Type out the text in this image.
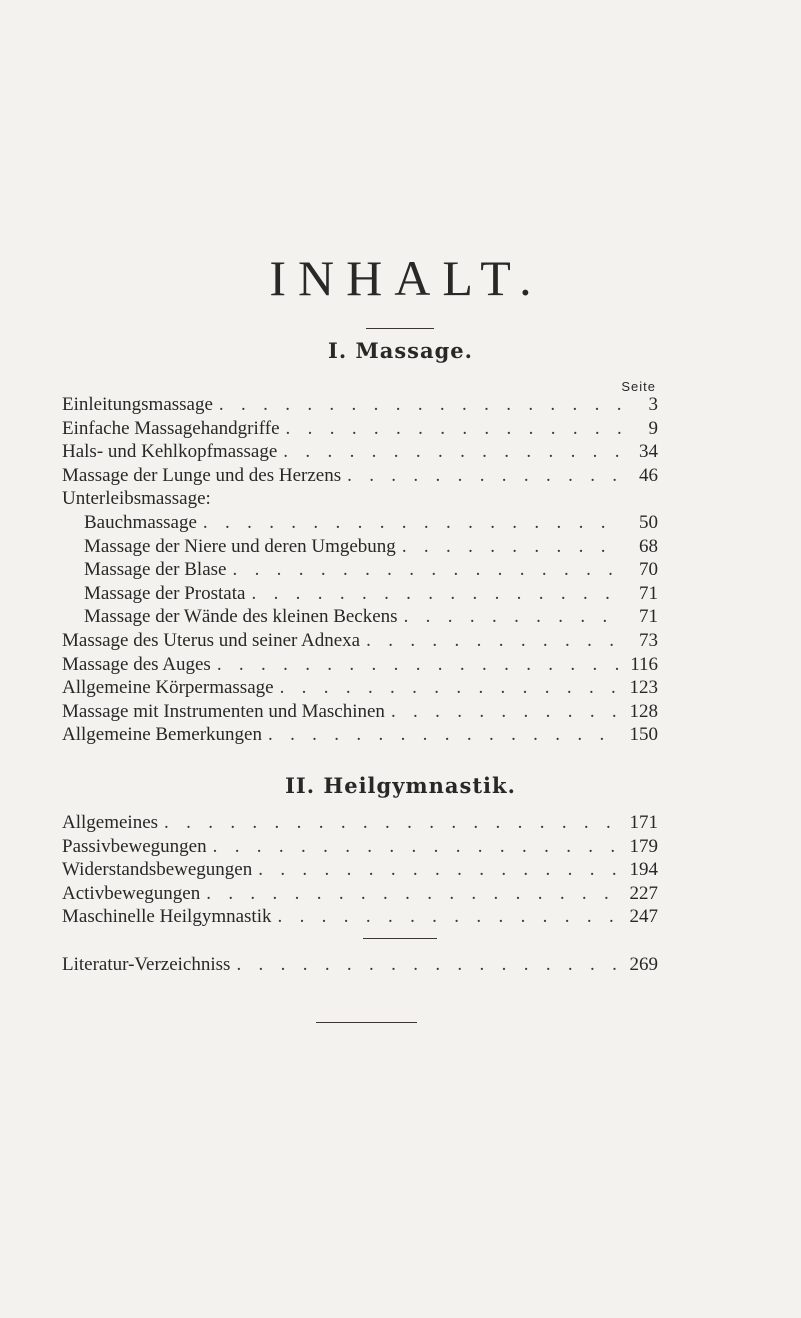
INHALT.
I. Massage.
Seite
Einleitungsmassage . . .	3
Einfache Massagehandgriffe . . .	9
Hals- und Kehlkopfmassage . . .	34
Massage der Lunge und des Herzens . . .	46
Unterleibsmassage:
Bauchmassage . . .	50
Massage der Niere und deren Umgebung . . .	68
Massage der Blase . . .	70
Massage der Prostata . . .	71
Massage der Wände des kleinen Beckens . . .	71
Massage des Uterus und seiner Adnexa . . .	73
Massage des Auges . . .	116
Allgemeine Körpermassage . . .	123
Massage mit Instrumenten und Maschinen . . .	128
Allgemeine Bemerkungen . . .	150
II. Heilgymnastik.
Allgemeines . . .	171
Passivbewegungen . . .	179
Widerstandsbewegungen . . .	194
Activbewegungen . . .	227
Maschinelle Heilgymnastik . . .	247
Literatur-Verzeichniss . . .	269
